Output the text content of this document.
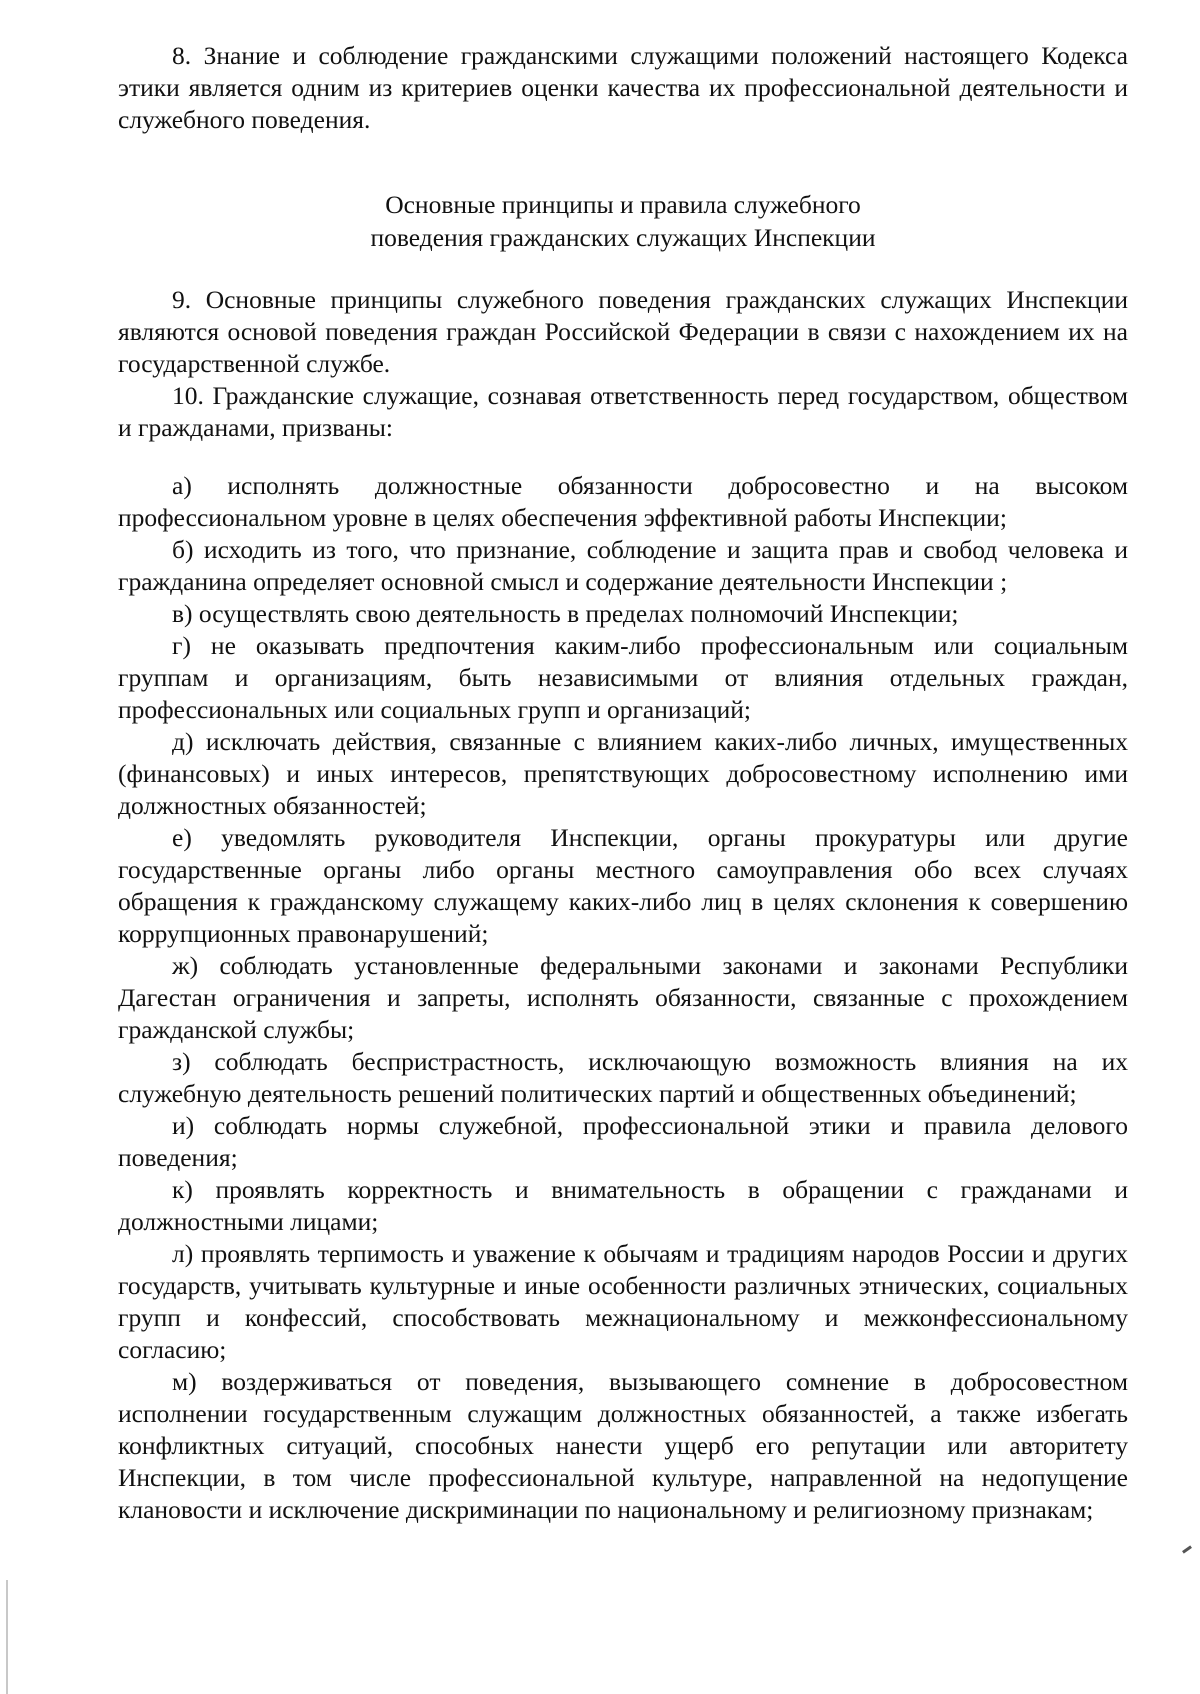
8. Знание и соблюдение гражданскими служащими положений настоящего Кодекса этики является одним из критериев оценки качества их профессиональной деятельности и служебного поведения.

Основные принципы и правила служебного
поведения гражданских служащих Инспекции

9. Основные принципы служебного поведения гражданских служащих Инспекции являются основой поведения граждан Российской Федерации в связи с нахождением их на государственной службе.

10. Гражданские служащие, сознавая ответственность перед государством, обществом и гражданами, призваны:

а) исполнять должностные обязанности добросовестно и на высоком профессиональном уровне в целях обеспечения эффективной работы Инспекции;

б) исходить из того, что признание, соблюдение и защита прав и свобод человека и гражданина определяет основной смысл и содержание деятельности Инспекции ;

в) осуществлять свою деятельность в пределах полномочий Инспекции;

г) не оказывать предпочтения каким-либо профессиональным или социальным группам и организациям, быть независимыми от влияния отдельных граждан, профессиональных или социальных групп и организаций;

д) исключать действия, связанные с влиянием каких-либо личных, имущественных (финансовых) и иных интересов, препятствующих добросовестному исполнению ими должностных обязанностей;

е) уведомлять руководителя Инспекции, органы прокуратуры или другие государственные органы либо органы местного самоуправления обо всех случаях обращения к гражданскому служащему каких-либо лиц в целях склонения к совершению коррупционных правонарушений;

ж) соблюдать установленные федеральными законами и законами Республики Дагестан ограничения и запреты, исполнять обязанности, связанные с прохождением гражданской службы;

з) соблюдать беспристрастность, исключающую возможность влияния на их служебную деятельность решений политических партий и общественных объединений;

и) соблюдать нормы служебной, профессиональной этики и правила делового поведения;

к) проявлять корректность и внимательность в обращении с гражданами и должностными лицами;

л) проявлять терпимость и уважение к обычаям и традициям народов России и других государств, учитывать культурные и иные особенности различных этнических, социальных групп и конфессий, способствовать межнациональному и межконфессиональному согласию;

м) воздерживаться от поведения, вызывающего сомнение в добросовестном исполнении государственным служащим должностных обязанностей, а также избегать конфликтных ситуаций, способных нанести ущерб его репутации или авторитету Инспекции, в том числе профессиональной культуре, направленной на недопущение клановости и исключение дискриминации по национальному и религиозному признакам;
